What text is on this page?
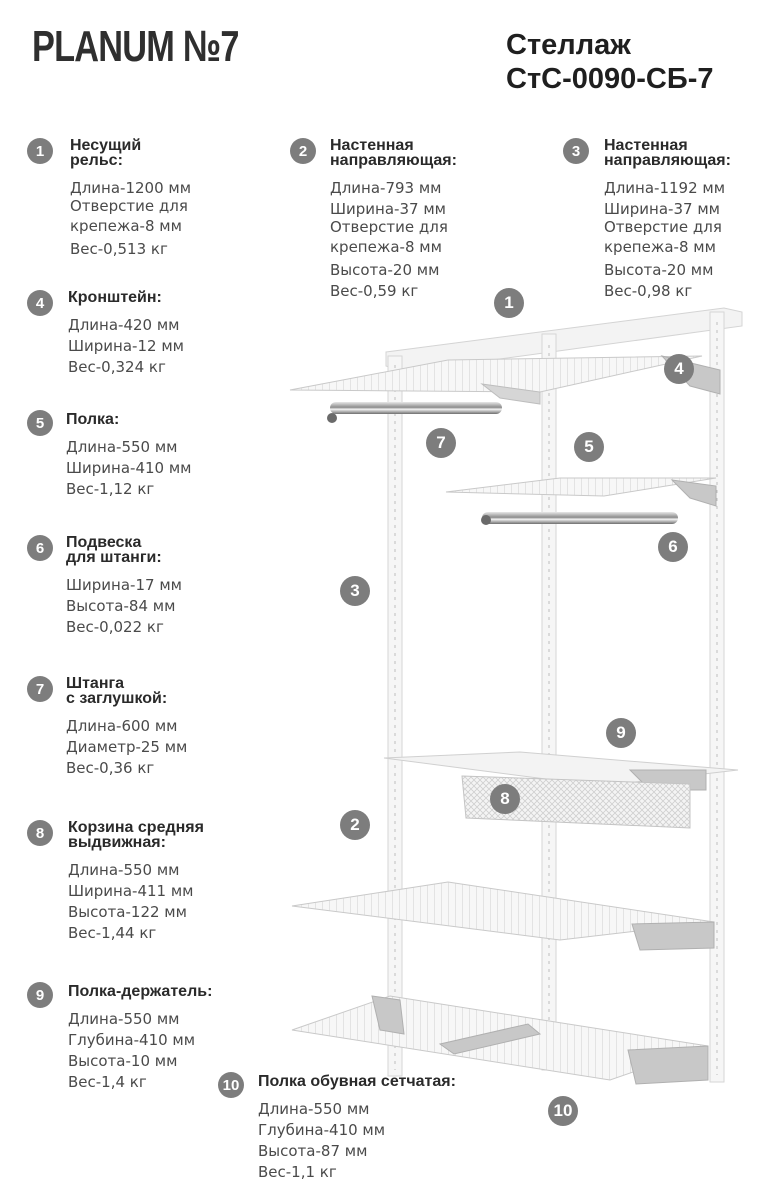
PLANUM №7	Стеллаж
СтС-0090-СБ-7
1	Несущий
рельс:
Длина-1200 мм
Отверстие для
крепежа-8 мм
Вес-0,513 кг
2	Настенная
направляющая:
Длина-793 мм
Ширина-37 мм
Отверстие для
крепежа-8 мм
Высота-20 мм
Вес-0,59 кг
3	Настенная
направляющая:
Длина-1192 мм
Ширина-37 мм
Отверстие для
крепежа-8 мм
Высота-20 мм
Вес-0,98 кг
4	Кронштейн:
Длина-420 мм
Ширина-12 мм
Вес-0,324 кг
5	Полка:
Длина-550 мм
Ширина-410 мм
Вес-1,12 кг
6	Подвеска
для штанги:
Ширина-17 мм
Высота-84 мм
Вес-0,022 кг
7	Штанга
с заглушкой:
Длина-600 мм
Диаметр-25 мм
Вес-0,36 кг
8	Корзина средняя
выдвижная:
Длина-550 мм
Ширина-411 мм
Высота-122 мм
Вес-1,44 кг
9	Полка-держатель:
Длина-550 мм
Глубина-410 мм
Высота-10 мм
Вес-1,4 кг	10 Полка обувная сетчатая:
Длина-550 мм
Глубина-410 мм
Высота-87 мм
Вес-1,1 кг
1
4
7	5
6
3
9
8
2
10
